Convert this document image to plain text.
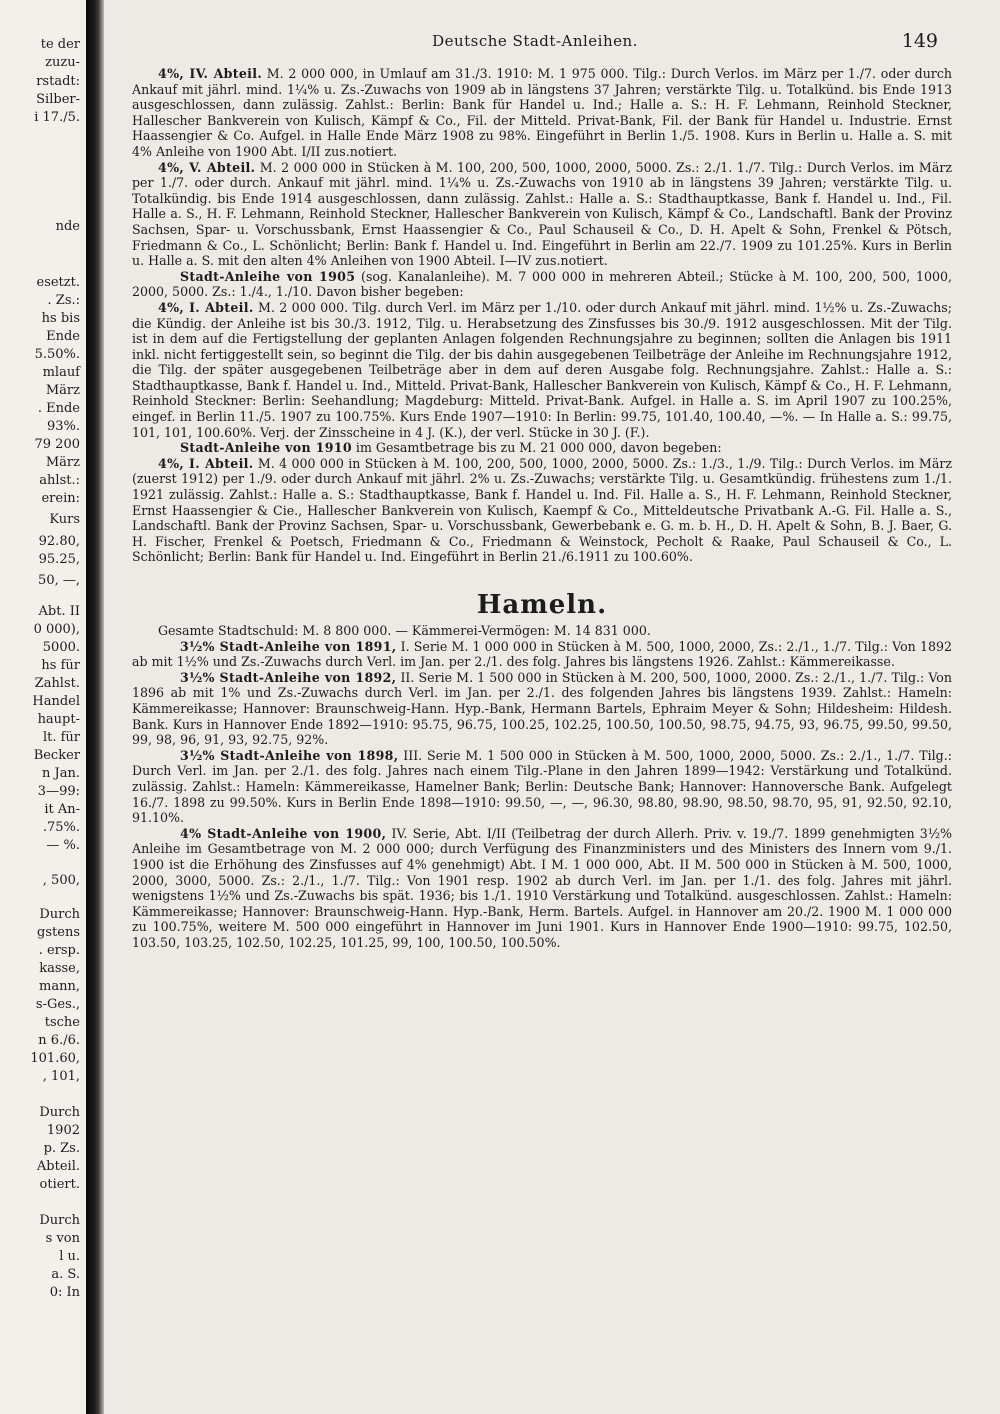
te der
zuzu-
rstadt:
Silber-
i 17./5.
nde
esetzt.
. Zs.:
hs bis
Ende
5.50%.
mlauf
März
. Ende
93%.
79 200
März
ahlst.:
erein:
Kurs
92.80,
95.25,
50, —,
Abt. II
0 000),
5000.
hs für
Zahlst.
Handel
haupt-
lt. für
Becker
n Jan.
3—99:
it An-
.75%.
— %.
, 500,
Durch
gstens
. ersp.
kasse,
mann,
s-Ges.,
tsche
n 6./6.
101.60,
, 101,
Durch
1902
p. Zs.
Abteil.
otiert.
Durch
s von
l u.
a. S.
0: In
Deutsche Stadt-Anleihen.	149

4%, IV. Abteil. M. 2 000 000, in Umlauf am 31./3. 1910: M. 1 975 000. Tilg.: Durch Verlos. im März per 1./7. oder durch Ankauf mit jährl. mind. 1¼% u. Zs.-Zuwachs von 1909 ab in längstens 37 Jahren; verstärkte Tilg. u. Totalkünd. bis Ende 1913 ausgeschlossen, dann zulässig. Zahlst.: Berlin: Bank für Handel u. Ind.; Halle a. S.: H. F. Lehmann, Reinhold Steckner, Hallescher Bankverein von Kulisch, Kämpf & Co., Fil. der Mitteld. Privat-Bank, Fil. der Bank für Handel u. Industrie. Ernst Haassengier & Co. Aufgel. in Halle Ende März 1908 zu 98%. Eingeführt in Berlin 1./5. 1908. Kurs in Berlin u. Halle a. S. mit 4% Anleihe von 1900 Abt. I/II zus.notiert.

4%, V. Abteil. M. 2 000 000 in Stücken à M. 100, 200, 500, 1000, 2000, 5000. Zs.: 2./1. 1./7. Tilg.: Durch Verlos. im März per 1./7. oder durch. Ankauf mit jährl. mind. 1¼% u. Zs.-Zuwachs von 1910 ab in längstens 39 Jahren; verstärkte Tilg. u. Totalkündig. bis Ende 1914 ausgeschlossen, dann zulässig. Zahlst.: Halle a. S.: Stadthauptkasse, Bank f. Handel u. Ind., Fil. Halle a. S., H. F. Lehmann, Reinhold Steckner, Hallescher Bankverein von Kulisch, Kämpf & Co., Landschaftl. Bank der Provinz Sachsen, Spar- u. Vorschussbank, Ernst Haassengier & Co., Paul Schauseil & Co., D. H. Apelt & Sohn, Frenkel & Pötsch, Friedmann & Co., L. Schönlicht; Berlin: Bank f. Handel u. Ind. Eingeführt in Berlin am 22./7. 1909 zu 101.25%. Kurs in Berlin u. Halle a. S. mit den alten 4% Anleihen von 1900 Abteil. I—IV zus.notiert.

Stadt-Anleihe von 1905 (sog. Kanalanleihe). M. 7 000 000 in mehreren Abteil.; Stücke à M. 100, 200, 500, 1000, 2000, 5000. Zs.: 1./4., 1./10. Davon bisher begeben:

4%, I. Abteil. M. 2 000 000. Tilg. durch Verl. im März per 1./10. oder durch Ankauf mit jährl. mind. 1½% u. Zs.-Zuwachs; die Kündig. der Anleihe ist bis 30./3. 1912, Tilg. u. Herabsetzung des Zinsfusses bis 30./9. 1912 ausgeschlossen. Mit der Tilg. ist in dem auf die Fertigstellung der geplanten Anlagen folgenden Rechnungsjahre zu beginnen; sollten die Anlagen bis 1911 inkl. nicht fertiggestellt sein, so beginnt die Tilg. der bis dahin ausgegebenen Teilbeträge der Anleihe im Rechnungsjahre 1912, die Tilg. der später ausgegebenen Teilbeträge aber in dem auf deren Ausgabe folg. Rechnungsjahre. Zahlst.: Halle a. S.: Stadthauptkasse, Bank f. Handel u. Ind., Mitteld. Privat-Bank, Hallescher Bankverein von Kulisch, Kämpf & Co., H. F. Lehmann, Reinhold Steckner: Berlin: Seehandlung; Magdeburg: Mitteld. Privat-Bank. Aufgel. in Halle a. S. im April 1907 zu 100.25%, eingef. in Berlin 11./5. 1907 zu 100.75%. Kurs Ende 1907—1910: In Berlin: 99.75, 101.40, 100.40, —%. — In Halle a. S.: 99.75, 101, 101, 100.60%. Verj. der Zinsscheine in 4 J. (K.), der verl. Stücke in 30 J. (F.).

Stadt-Anleihe von 1910 im Gesamtbetrage bis zu M. 21 000 000, davon begeben:

4%, I. Abteil. M. 4 000 000 in Stücken à M. 100, 200, 500, 1000, 2000, 5000. Zs.: 1./3., 1./9. Tilg.: Durch Verlos. im März (zuerst 1912) per 1./9. oder durch Ankauf mit jährl. 2% u. Zs.-Zuwachs; verstärkte Tilg. u. Gesamtkündig. frühestens zum 1./1. 1921 zulässig. Zahlst.: Halle a. S.: Stadthauptkasse, Bank f. Handel u. Ind. Fil. Halle a. S., H. F. Lehmann, Reinhold Steckner, Ernst Haassengier & Cie., Hallescher Bankverein von Kulisch, Kaempf & Co., Mitteldeutsche Privatbank A.-G. Fil. Halle a. S., Landschaftl. Bank der Provinz Sachsen, Spar- u. Vorschussbank, Gewerbebank e. G. m. b. H., D. H. Apelt & Sohn, B. J. Baer, G. H. Fischer, Frenkel & Poetsch, Friedmann & Co., Friedmann & Weinstock, Pecholt & Raake, Paul Schauseil & Co., L. Schönlicht; Berlin: Bank für Handel u. Ind. Eingeführt in Berlin 21./6.1911 zu 100.60%.

Hameln.

Gesamte Stadtschuld: M. 8 800 000. — Kämmerei-Vermögen: M. 14 831 000.

3½% Stadt-Anleihe von 1891, I. Serie M. 1 000 000 in Stücken à M. 500, 1000, 2000, Zs.: 2./1., 1./7. Tilg.: Von 1892 ab mit 1½% und Zs.-Zuwachs durch Verl. im Jan. per 2./1. des folg. Jahres bis längstens 1926. Zahlst.: Kämmereikasse.

3½% Stadt-Anleihe von 1892, II. Serie M. 1 500 000 in Stücken à M. 200, 500, 1000, 2000. Zs.: 2./1., 1./7. Tilg.: Von 1896 ab mit 1% und Zs.-Zuwachs durch Verl. im Jan. per 2./1. des folgenden Jahres bis längstens 1939. Zahlst.: Hameln: Kämmereikasse; Hannover: Braunschweig-Hann. Hyp.-Bank, Hermann Bartels, Ephraim Meyer & Sohn; Hildesheim: Hildesh. Bank. Kurs in Hannover Ende 1892—1910: 95.75, 96.75, 100.25, 102.25, 100.50, 100.50, 98.75, 94.75, 93, 96.75, 99.50, 99.50, 99, 98, 96, 91, 93, 92.75, 92%.

3½% Stadt-Anleihe von 1898, III. Serie M. 1 500 000 in Stücken à M. 500, 1000, 2000, 5000. Zs.: 2./1., 1./7. Tilg.: Durch Verl. im Jan. per 2./1. des folg. Jahres nach einem Tilg.-Plane in den Jahren 1899—1942: Verstärkung und Totalkünd. zulässig. Zahlst.: Hameln: Kämmereikasse, Hamelner Bank; Berlin: Deutsche Bank; Hannover: Hannoversche Bank. Aufgelegt 16./7. 1898 zu 99.50%. Kurs in Berlin Ende 1898—1910: 99.50, —, —, 96.30, 98.80, 98.90, 98.50, 98.70, 95, 91, 92.50, 92.10, 91.10%.

4% Stadt-Anleihe von 1900, IV. Serie, Abt. I/II (Teilbetrag der durch Allerh. Priv. v. 19./7. 1899 genehmigten 3½% Anleihe im Gesamtbetrage von M. 2 000 000; durch Verfügung des Finanzministers und des Ministers des Innern vom 9./1. 1900 ist die Erhöhung des Zinsfusses auf 4% genehmigt) Abt. I M. 1 000 000, Abt. II M. 500 000 in Stücken à M. 500, 1000, 2000, 3000, 5000. Zs.: 2./1., 1./7. Tilg.: Von 1901 resp. 1902 ab durch Verl. im Jan. per 1./1. des folg. Jahres mit jährl. wenigstens 1½% und Zs.-Zuwachs bis spät. 1936; bis 1./1. 1910 Verstärkung und Totalkünd. ausgeschlossen. Zahlst.: Hameln: Kämmereikasse; Hannover: Braunschweig-Hann. Hyp.-Bank, Herm. Bartels. Aufgel. in Hannover am 20./2. 1900 M. 1 000 000 zu 100.75%, weitere M. 500 000 eingeführt in Hannover im Juni 1901. Kurs in Hannover Ende 1900—1910: 99.75, 102.50, 103.50, 103.25, 102.50, 102.25, 101.25, 99, 100, 100.50, 100.50%.
